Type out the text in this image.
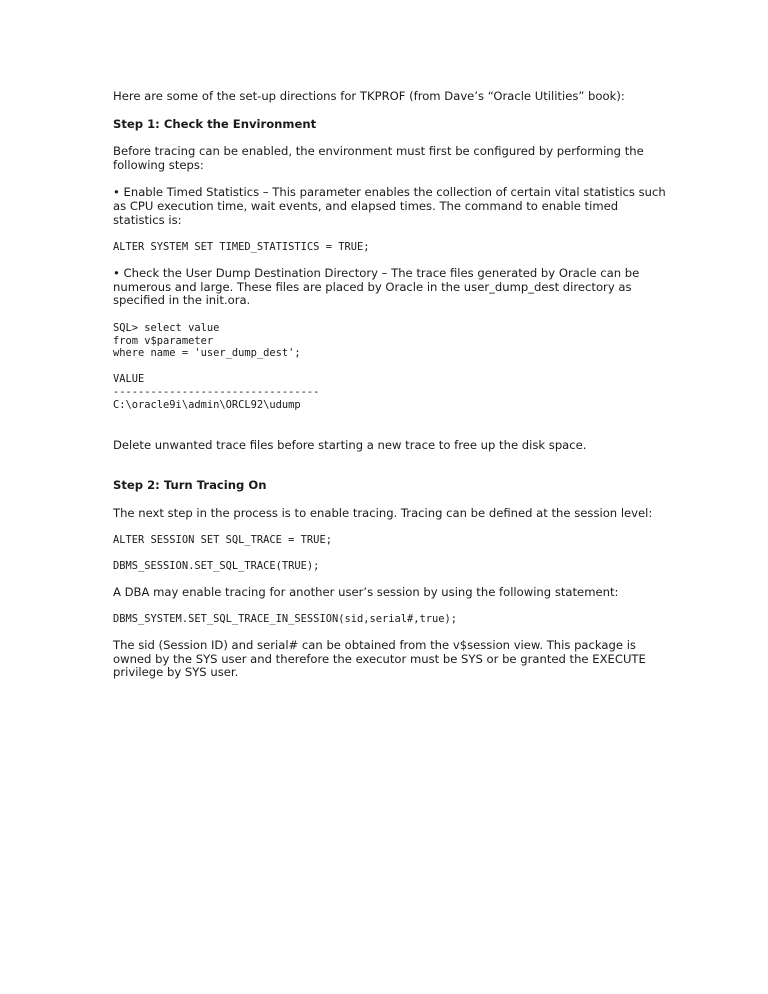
Here are some of the set-up directions for TKPROF (from Dave’s “Oracle Utilities” book):

Step 1: Check the Environment

Before tracing can be enabled, the environment must first be configured by performing the following steps:

• Enable Timed Statistics – This parameter enables the collection of certain vital statistics such as CPU execution time, wait events, and elapsed times. The command to enable timed statistics is:

ALTER SYSTEM SET TIMED_STATISTICS = TRUE;

• Check the User Dump Destination Directory – The trace files generated by Oracle can be numerous and large. These files are placed by Oracle in the user_dump_dest directory as specified in the init.ora.

SQL> select value
from v$parameter
where name = 'user_dump_dest';
VALUE
---------------------------------
C:\oracle9i\admin\ORCL92\udump

Delete unwanted trace files before starting a new trace to free up the disk space.

Step 2: Turn Tracing On

The next step in the process is to enable tracing. Tracing can be defined at the session level:

ALTER SESSION SET SQL_TRACE = TRUE;
DBMS_SESSION.SET_SQL_TRACE(TRUE);

A DBA may enable tracing for another user’s session by using the following statement:

DBMS_SYSTEM.SET_SQL_TRACE_IN_SESSION(sid,serial#,true);

The sid (Session ID) and serial# can be obtained from the v$session view. This package is owned by the SYS user and therefore the executor must be SYS or be granted the EXECUTE privilege by SYS user.
